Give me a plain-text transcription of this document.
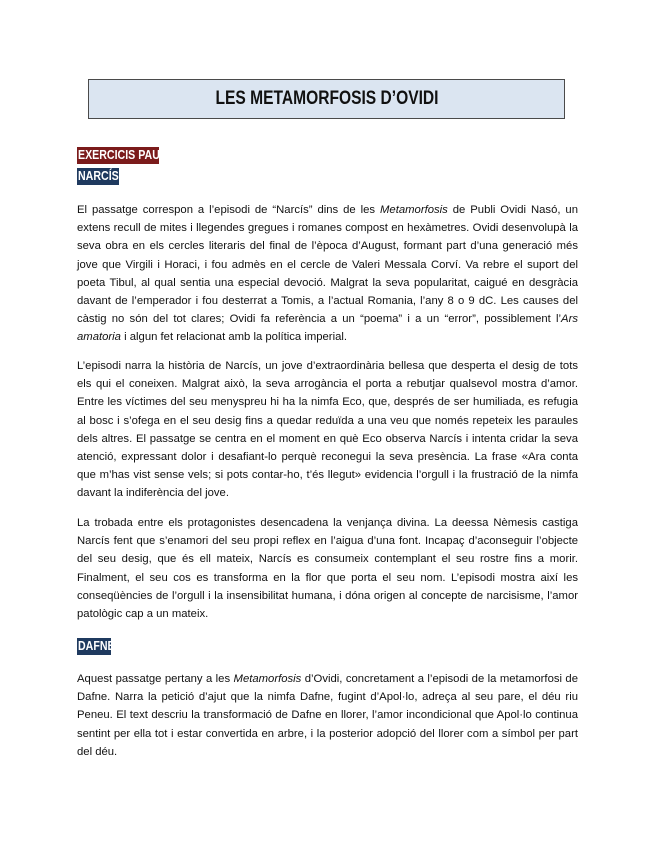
LES METAMORFOSIS D’OVIDI
EXERCICIS PAU
NARCÍS

El passatge correspon a l’episodi de “Narcís” dins de les Metamorfosis de Publi Ovidi Nasó, un extens recull de mites i llegendes gregues i romanes compost en hexàmetres. Ovidi desenvolupà la seva obra en els cercles literaris del final de l’època d’August, formant part d’una generació més jove que Virgili i Horaci, i fou admès en el cercle de Valeri Messala Corví. Va rebre el suport del poeta Tibul, al qual sentia una especial devoció. Malgrat la seva popularitat, caigué en desgràcia davant de l’emperador i fou desterrat a Tomis, a l’actual Romania, l’any 8 o 9 dC. Les causes del càstig no són del tot clares; Ovidi fa referència a un “poema” i a un “error”, possiblement l’Ars amatoria i algun fet relacionat amb la política imperial.

L’episodi narra la història de Narcís, un jove d’extraordinària bellesa que desperta el desig de tots els qui el coneixen. Malgrat això, la seva arrogància el porta a rebutjar qualsevol mostra d’amor. Entre les víctimes del seu menyspreu hi ha la nimfa Eco, que, després de ser humiliada, es refugia al bosc i s’ofega en el seu desig fins a quedar reduïda a una veu que només repeteix les paraules dels altres. El passatge se centra en el moment en què Eco observa Narcís i intenta cridar la seva atenció, expressant dolor i desafiant-lo perquè reconegui la seva presència. La frase «Ara conta que m’has vist sense vels; si pots contar-ho, t’és llegut» evidencia l’orgull i la frustració de la nimfa davant la indiferència del jove.

La trobada entre els protagonistes desencadena la venjança divina. La deessa Nèmesis castiga Narcís fent que s’enamori del seu propi reflex en l’aigua d’una font. Incapaç d’aconseguir l’objecte del seu desig, que és ell mateix, Narcís es consumeix contemplant el seu rostre fins a morir. Finalment, el seu cos es transforma en la flor que porta el seu nom. L’episodi mostra així les conseqüències de l’orgull i la insensibilitat humana, i dóna origen al concepte de narcisisme, l’amor patològic cap a un mateix.

DAFNE

Aquest passatge pertany a les Metamorfosis d’Ovidi, concretament a l’episodi de la metamorfosi de Dafne. Narra la petició d’ajut que la nimfa Dafne, fugint d’Apol·lo, adreça al seu pare, el déu riu Peneu. El text descriu la transformació de Dafne en llorer, l’amor incondicional que Apol·lo continua sentint per ella tot i estar convertida en arbre, i la posterior adopció del llorer com a símbol per part del déu.
